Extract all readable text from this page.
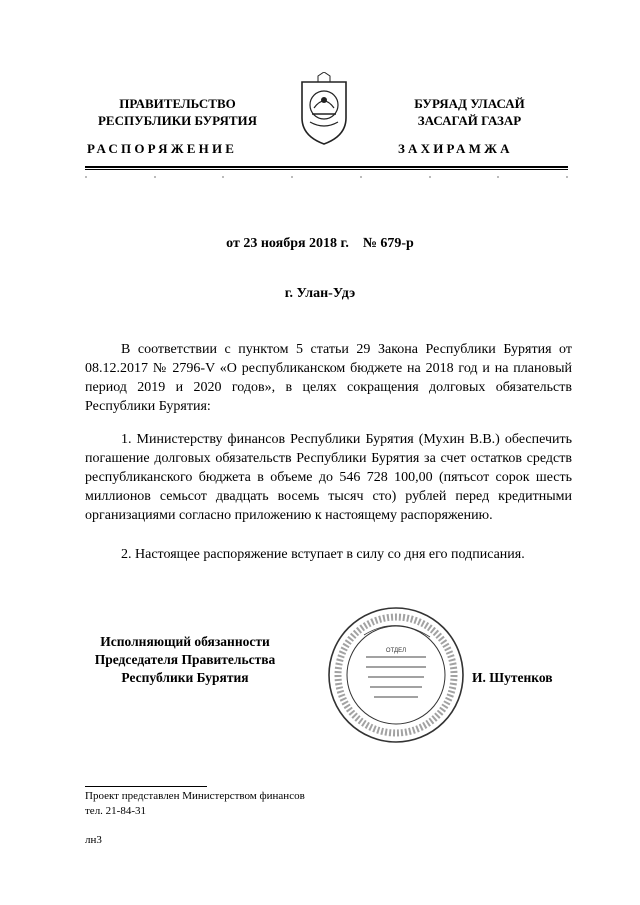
ПРАВИТЕЛЬСТВО
РЕСПУБЛИКИ БУРЯТИЯ
БУРЯАД УЛАСАЙ
ЗАСАГАЙ ГАЗАР
РАСПОРЯЖЕНИЕ	ЗАХИРАМЖА
от 23 ноября 2018 г.    № 679-р
г. Улан-Удэ

В соответствии с пунктом 5 статьи 29 Закона Республики Бурятия от 08.12.2017 № 2796-V «О республиканском бюджете на 2018 год и на плановый период 2019 и 2020 годов», в целях сокращения долговых обязательств Республики Бурятия:

1. Министерству финансов Республики Бурятия (Мухин В.В.) обеспечить погашение долговых обязательств Республики Бурятия за счет остатков средств республиканского бюджета в объеме до 546 728 100,00 (пятьсот сорок шесть миллионов семьсот двадцать восемь тысяч сто) рублей перед кредитными организациями согласно приложению к настоящему распоряжению.

2. Настоящее распоряжение вступает в силу со дня его подписания.

Исполняющий обязанности
Председателя Правительства
Республики Бурятия
ОТДЕЛ
И. Шутенков
Проект представлен Министерством финансов
тел. 21-84-31
лн3
